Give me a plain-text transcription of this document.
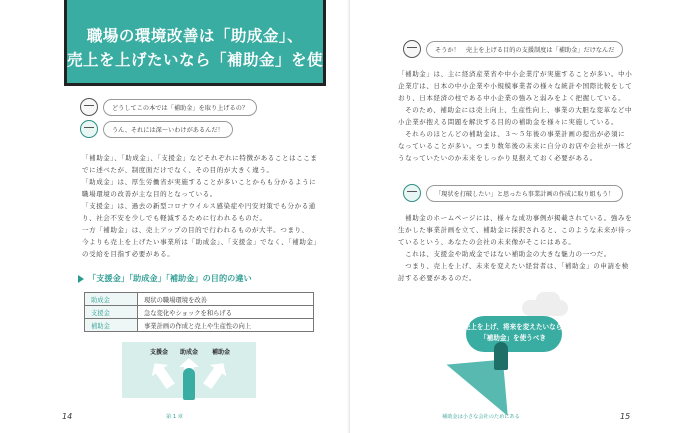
職場の環境改善は「助成金」、
売上を上げたいなら「補助金」を使う
どうしてこの本では「補助金」を取り上げるの？
うん、それには深～いわけがあるんだ！
「補助金」、「助成金」、「支援金」などそれぞれに特徴があることはここま
でに述べたが、制度面だけでなく、その目的が大きく違う。
「助成金」は、厚生労働省が実施することが多いことからも分かるように
職場環境の改善が主な目的となっている。
「支援金」は、過去の新型コロナウイルス感染症や円安対策でも分かる通
り、社会不安を少しでも軽減するために行われるものだ。
一方「補助金」は、売上アップの目的で行われるものが大半。つまり、
今よりも売上を上げたい事業所は「助成金」、「支援金」でなく、「補助金」
の受給を目指す必要がある。
「支援金」「助成金」「補助金」の目的の違い
助成金	現状の職場環境を改善
支援金	急な変化やショックを和らげる
補助金	事業計画の作成と売上や生産性の向上
支援金 助成金 補助金
14	第 1 章
そうか！　売上を上げる目的の支援制度は「補助金」だけなんだ
「補助金」は、主に経済産業省や中小企業庁が実施することが多い。中小
企業庁は、日本の中小企業や小規模事業者の様々な統計や国際比較をして
おり、日本経済の柱である中小企業の強みと弱みをよく把握している。
　そのため、補助金には売上向上、生産性向上、事業の大胆な変革など中
小企業が抱える問題を解決する目的の補助金を様々に実施している。
　それらのほとんどの補助金は、３～５年後の事業計画の提出が必須に
なっていることが多い。つまり数年後の未来に自分のお店や会社が一体ど
うなっていたいのか未来をしっかり見据えておく必要がある。
「現状を打破したい」と思ったら事業計画の作成に取り組もう！
　補助金のホームページには、様々な成功事例が掲載されている。強みを
生かした事業計画を立て、補助金に採択されると、このような未来が待っ
ているという、あなたの会社の未来像がそこにはある。
　これは、支援金や助成金ではない補助金の大きな魅力の一つだ。
　つまり、売上を上げ、未来を変えたい経営者は、「補助金」の申請を検
討する必要があるのだ。
売上を上げ、将来を変えたいなら
「補助金」を使うべき
補助金は小さな会社のためにある	15
